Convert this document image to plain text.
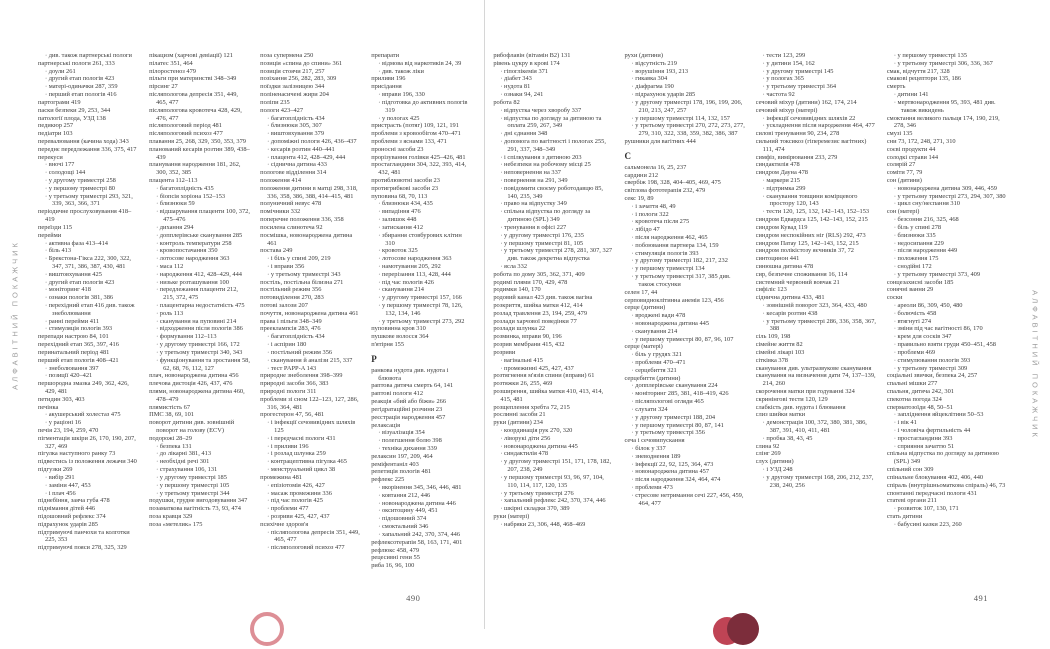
АЛФАВІТНИЙ ПОКАЖЧИК
· див. також партнерські пологи
партнерські пологи 261, 333
· доули 261
· другий етап пологів 423
· матері-одиначки 287, 359
· перший етап пологів 416
партограми 419
паски безпеки 29, 253, 344
патології плода, УЗД 138
педикюр 257
педіатри 103
перевалювання (качина хода) 343
переднє передлежання 336, 375, 417
перекуси
· вночі 177
· солодощі 144
· у другому триместрі 258
· у першому триместрі 80
· у третьому триместрі 293, 321, 339, 363, 366, 371
періодичне прослуховування 418–419
переїзди 115
перейми
· активна фаза 413–414
· біль 413
· Брекстона-Гікса 222, 300, 322, 347, 371, 386, 387, 430, 481
· виштовхування 425
· другий етап пологів 423
· моніторинг 418
· ознаки пологів 381, 386
· перехідний етап 416 див. також знеболювання
· ранні перейми 411
· стимуляція пологів 393
перепади настрою 84, 101
перехідний етап 365, 397, 416
перинатальний період 481
перший етап пологів 408–421
· знеболювання 397
· позиції 420–421
першородна змазка 249, 362, 426, 429, 481
петидин 303, 403
печінка
· акушерський холестаз 475
· у раціоні 16
печія 23, 194, 259, 470
пігментація шкіри 26, 170, 190, 207, 327, 469
пігулка наступного ранку 73
підвестись із положення лежачи 340
підгузки 269
· вибір 291
· заміни 447, 453
· і плач 456
піднебіння, заяча губа 478
піднімання дітей 446
підошовний рефлекс 374
підрахунок ударів 285
підтримуючі панчохи та колготки 225, 353
підтримуючі пояси 278, 325, 329
пікацизм (харчові девіації) 121
пілатес 351, 464
пілоростеноз 479
пільги при материнстві 348–349
пірсинг 27
післяпологова депресія 351, 449, 465, 477
післяпологова кровотеча 428, 429, 476, 477
післяпологовий період 481
післяпологовий психоз 477
плавання 25, 268, 329, 350, 353, 379
планований кесарів розтин 389, 438–439
планування народження 181, 262, 300, 352, 385
плацента 112–113
· багатоплідність 435
· біопсія хоріона 152–153
· близнюки 59
· відшарування плаценти 100, 372, 475–476
· дихання 294
· допплерівське сканування 285
· контроль температури 258
· кровопостачання 350
· лотосове народження 363
· маса 112
· народження 412, 428–429, 444
· низьке розташування 100
· передлежання плаценти 212, 215, 372, 475
· плацентарна недостатність 475
· роль 113
· сканування на пуповині 214
· відходження після пологів 386
· формування 112–113
· у другому триместрі 166, 172
· у третьому триместрі 340, 343
· функціонування та зростання 58, 62, 68, 76, 112, 127
плач, новонароджена дитина 456
плечова дистоція 426, 437, 476
плями, новонароджена дитина 460, 478–479
плямистість 67
ПМС 38, 69, 101
поворот дитини див. зовнішній поворот на голову (ECV)
подорожі 28–29
· безпека 131
· до лікарні 381, 413
· необхідні речі 301
· страхування 106, 131
· у другому триместрі 185
· у першому триместрі 105
· у третьому триместрі 344
подушки, грудне вигодовування 347
позаматкова вагітність 73, 93, 474
поза кравця 329
поза «метелик» 175
поза супермена 250
позиція «спина до спини» 361
позиція стоячи 217, 257
позіхання 256, 282, 283, 309
поїздки залізницею 344
поліненасичені жири 204
поліпи 235
пологи 423–427
· багатоплідність 434
· близнюки 305, 307
· виштовхування 379
· допоміжні пологи 426, 436–437
· кесарів розтин 440–441
· плацента 412, 428–429, 444
· сіднична дитина 433
пологове відділення 314
положення 414
положення дитини в матці 298, 318, 336, 358, 386, 388, 414–415, 481
полуничний невус 478
помічники 332
поперечне положення 336, 358
посилена слинотеча 92
посмішка, новонароджена дитина 461
постава 249
· і біль у спині 209, 219
· і вправи 356
· у третьому триместрі 343
постіль, постільна білизна 271
постільний режим 356
потовиділення 270, 283
потові залози 207
почуття, новонароджена дитина 461
права і пільги 348–349
прееклампсія 283, 476
· багатоплідність 434
· і аспірин 180
· постільний режим 356
· сканування й аналізи 215, 337
· тест PAPP-A 143
природне знеболення 398–399
природні засоби 366, 383
природні пологи 311
проблеми зі сном 122–123, 127, 286, 316, 364, 481
прогестерон 47, 56, 481
· і інфекції сечовивідних шляхів 125
· і передчасні пологи 431
· і приливи 196
· і розлад шлунка 259
· контрацептивна пігулка 465
· менструальний цикл 38
промежина 481
· епізіотомія 426, 427
· масаж промежини 336
· під час пологів 425
· проблеми 477
· розриви 425, 427, 437
психічне здоров'я
· післяпологова депресія 351, 449, 465, 477
· післяпологовий психоз 477
препарати
· відмова від наркотиків 24, 39
· див. також ліки
приливи 196
присідання
· вправи 196, 330
· підготовка до активних пологів 319
· у пологах 425
пристрасть (потяг) 109, 121, 191
проблеми з кровообігом 470–471
проблеми з яснами 133, 471
проносні засоби 23
прорізування голівки 425–426, 481
простагландини 304, 322, 393, 414, 432, 481
протиблювотні засоби 23
протигрибкові засоби 23
пуповина 68, 70, 113
· близнюки 434, 435
· випадіння 476
· залишок 448
· затискання 412
· збирання стовбурових клітин 310
· кровоток 325
· лотосове народження 363
· намотування 205, 292
· перерізання 113, 428, 444
· під час пологів 426
· сканування 214
· у другому триместрі 157, 166
· у першому триместрі 78, 126, 132, 134, 146
· у третьому триместрі 273, 292
пуповинна кров 310
пушкове волосся 364
п'ятірня 155
Р
ранкова нудота див. нудота і блювота
раптова дитяча смерть 64, 141
раптові пологи 412
реакція «бий або біжи» 266
регідратаційні розчини 23
реєстрація народження 457
релаксація
· візуалізація 354
· полегшення болю 398
· техніка дихання 339
релаксин 197, 209, 464
реміфентаніл 403
репетиція пологів 481
рефлекс 225
· вкорінення 345, 346, 446, 481
· ковтання 212, 446
· новонароджена дитина 446
· окситоцину 449, 451
· підошовний 374
· смоктальний 346
· хапальний 242, 370, 374, 446
рефлексотерапія 58, 163, 171, 401
рефлюкс 458, 479
рецесивні гени 55
риба 16, 96, 100
490
рибофлавін (вітамін В2) 131
рівень цукру в крові 174
· гіпоглікемія 371
· діабет 343
· нудота 81
· ознаки 94, 241
робота 82
· відпустка через хворобу 337
· відпустка по догляду за дитиною та оплата 259, 267, 349
· дні єднання 348
· допомога по вагітності і пологах 255, 291, 337, 348–349
· і спілкування з дитиною 203
· небезпеки на робочому місці 25
· неповернення на 337
· повернення на 291, 349
· повідомити своєму роботодавцю 85, 140, 235, 349
· право на відпустку 349
· спільна відпустка по догляду за дитиною (SPL) 349
· тренування в офісі 227
· у другому триместрі 176, 235
· у першому триместрі 81, 105
· у третьому триместрі 278, 281, 307, 327 див. також декретна відпустка
· ясла 332
робота по дому 305, 362, 371, 409
родимі плями 170, 429, 478
родимки 140, 170
родовий канал 423 див. також вагіна
розкриття, шийка матки 412, 414
розлад травлення 23, 194, 259, 479
розлади харчової поведінки 77
розлади шлунка 22
розминка, вправи 90, 196
розрив мембрани 415, 432
розриви
· вагінальні 415
· промежинні 425, 427, 437
розтягнення м'язів спини (вправи) 61
розтяжки 26, 255, 469
розширення, шийка матки 410, 413, 414, 415, 481
розщеплення хребта 72, 215
рослинні засоби 21
руки (дитини) 234
· координація рук 270, 320
· ліворукі діти 256
· новонароджена дитина 445
· синдактилія 478
· у другому триместрі 151, 171, 178, 182, 207, 238, 249
· у першому триместрі 93, 96, 97, 104, 110, 114, 117, 120, 135
· у третьому триместрі 276
· хапальний рефлекс 242, 370, 374, 446
· шкірні складки 370, 389
руки (матері)
· набряки 23, 306, 448, 468–469
рухи (дитини)
· відсутність 219
· ворушіння 193, 213
· гикавка 304
· діафрагма 190
· підрахунок ударів 285
· у другому триместрі 178, 196, 199, 206, 210, 213, 247, 257
· у першому триместрі 114, 132, 157
· у третьому триместрі 270, 272, 273, 277, 279, 310, 322, 338, 359, 382, 386, 387
рушники для вагітних 444
С
сальмонела 16, 25, 237
сардини 212
свербіж 198, 328, 404–405, 469, 475
світлова фототерапія 232, 479
секс 19, 89
· і зачаття 48, 49
· і пологи 322
· кровотеча після 275
· лібідо 47
· після народження 462, 465
· побоювання партнера 134, 159
· стимуляція пологів 393
· у другому триместрі 182, 217, 232
· у першому триместрі 134
· у третьому триместрі 317, 385 див. також стосунки
селен 17, 44
серповидноклітинна анемія 123, 456
серце (дитини)
· вроджені вади 478
· новонароджена дитина 445
· сканування 214
· у першому триместрі 80, 87, 96, 107
серце (матері)
· біль у грудях 321
· проблеми 470–471
· серцебиття 321
серцебиття (дитини)
· допплерівське сканування 224
· моніторинг 285, 381, 418–419, 426
· післяпологові огляди 465
· слухати 324
· у другому триместрі 188, 204
· у першому триместрі 80, 87, 141
· у третьому триместрі 356
сеча і сечовипускання
· білок у 337
· зневоднення 189
· інфекції 22, 92, 125, 364, 473
· новонароджена дитина 457
· після народження 324, 464, 474
· проблеми 473
· стресове нетримання сечі 227, 456, 459, 464, 477
· тести 123, 299
· у дитини 154, 162
· у другому триместрі 145
· у пологах 365
· у третьому триместрі 364
· частота 92
сечовий міхур (дитини) 162, 174, 214
сечовий міхур (матері)
· інфекції сечовивідних шляхів 22
· ускладнення після народження 464, 477
силові тренування 90, 234, 278
сильний токсикоз (гіперемезис вагітних) 111, 474
симфіз, вимірювання 233, 279
синдактилія 478
синдром Дауна 478
· маркери 215
· підтримка 299
· сканування товщини комірцевого простору 120, 143
· тести 120, 125, 132, 142–143, 152–153
синдром Едвардса 125, 142–143, 152, 215
синдром Кувад 119
синдром неспокійних ніг (RLS) 292, 473
синдром Патау 125, 142–143, 152, 215
синдром полікістозу яєчників 37, 72
синтоцинон 441
синюшна дитина 478
сир, безпечне споживання 16, 114
системний червоний вовчак 21
сифіліс 123
сіднична дитина 433, 481
· зовнішній поворот 323, 364, 433, 480
· кесарів розтин 438
· у третьому триместрі 286, 336, 358, 367, 388
сіль 109, 198
сімейне життя 82
сімейні лікарі 103
сітківка 378
сканування див. ультразвукове сканування
сканування на визначення дати 74, 137–139, 214, 260
скорочення матки при годуванні 324
скринінгові тести 120, 129
слабкість див. нудота і блювання
слиз шийки матки
· демонстрація 100, 372, 380, 381, 386, 387, 391, 410, 411, 481
· пробка 38, 43, 45
слина 92
слінг 269
слух (дитини)
· і УЗД 248
· у другому триместрі 168, 206, 212, 237, 238, 240, 256
· у першому триместрі 135
· у третьому триместрі 306, 336, 367
смак, відчуття 217, 328
смакові рецептори 135, 186
смерть
· дитини 141
· мертвонародження 95, 393, 481 див. також викидень
смоктання великого пальця 174, 190, 219, 278, 346
смузі 135
сни 73, 172, 248, 271, 310
соєві продукти 44
солодкі страви 144
солярій 27
соміти 77, 79
сон (дитини)
· новонароджена дитина 309, 446, 459
· у третьому триместрі 273, 294, 307, 380
· цикл сну/неспання 310
сон (матері)
· безсоння 216, 325, 468
· біль у спині 278
· близнюки 335
· недосипання 229
· після народження 449
· положення 175
· снодійні 172
· у третьому триместрі 373, 409
сонцезахисні засоби 185
сонячні ванни 29
соски
· ареоли 86, 309, 450, 480
· болючість 458
· втягнуті 274
· зміни під час вагітності 86, 170
· крем для сосків 347
· правильно взяти груди 450–451, 458
· проблеми 469
· стимулювання пологів 393
· у третьому триместрі 309
соціальні звички, безпека 24, 257
спальні мішки 277
спальня, дитяча 242, 301
спекотна погода 324
сперматозоїди 48, 50–51
· запліднення яйцеклітини 50–53
· і вік 41
· і чоловіча фертильність 44
· простагландини 393
· сприяння зачаттю 51
спільна відпустка по догляду за дитиною (SPL) 349
спільний сон 309
спінальне блокування 402, 406, 440
спіраль (внутрішньоматкова спіраль) 46, 73
спонтанні передчасні пологи 431
статеві органи 211
· розвиток 107, 130, 171
стать дитини
· бабусині казки 223, 260
491
АЛФАВІТНИЙ ПОКАЖЧИК
